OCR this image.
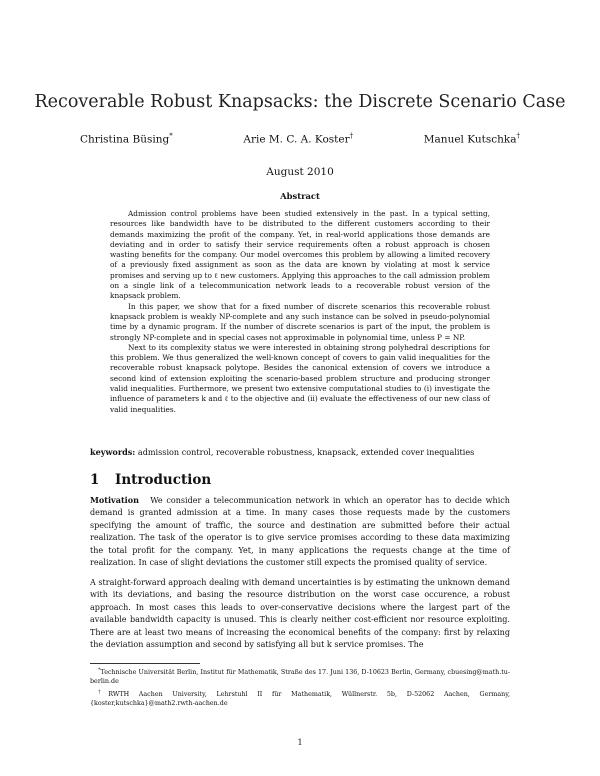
Recoverable Robust Knapsacks: the Discrete Scenario Case
Christina Büsing*	Arie M. C. A. Koster†	Manuel Kutschka†
August 2010
Abstract

Admission control problems have been studied extensively in the past. In a typical setting, resources like bandwidth have to be distributed to the different customers according to their demands maximizing the profit of the company. Yet, in real-world applications those demands are deviating and in order to satisfy their service requirements often a robust approach is chosen wasting benefits for the company. Our model overcomes this problem by allowing a limited recovery of a previously fixed assignment as soon as the data are known by violating at most k service promises and serving up to ℓ new customers. Applying this approaches to the call admission problem on a single link of a telecommunication network leads to a recoverable robust version of the knapsack problem.

In this paper, we show that for a fixed number of discrete scenarios this recoverable robust knapsack problem is weakly NP-complete and any such instance can be solved in pseudo-polynomial time by a dynamic program. If the number of discrete scenarios is part of the input, the problem is strongly NP-complete and in special cases not approximable in polynomial time, unless P = NP.

Next to its complexity status we were interested in obtaining strong polyhedral descriptions for this problem. We thus generalized the well-known concept of covers to gain valid inequalities for the recoverable robust knapsack polytope. Besides the canonical extension of covers we introduce a second kind of extension exploiting the scenario-based problem structure and producing stronger valid inequalities. Furthermore, we present two extensive computational studies to (i) investigate the influence of parameters k and ℓ to the objective and (ii) evaluate the effectiveness of our new class of valid inequalities.

keywords: admission control, recoverable robustness, knapsack, extended cover inequalities
1 Introduction

Motivation We consider a telecommunication network in which an operator has to decide which demand is granted admission at a time. In many cases those requests made by the customers specifying the amount of traffic, the source and destination are submitted before their actual realization. The task of the operator is to give service promises according to these data maximizing the total profit for the company. Yet, in many applications the requests change at the time of realization. In case of slight deviations the customer still expects the promised quality of service.

A straight-forward approach dealing with demand uncertainties is by estimating the unknown demand with its deviations, and basing the resource distribution on the worst case occurence, a robust approach. In most cases this leads to over-conservative decisions where the largest part of the available bandwidth capacity is unused. This is clearly neither cost-efficient nor resource exploiting. There are at least two means of increasing the economical benefits of the company: first by relaxing the deviation assumption and second by satisfying all but k service promises. The

*Technische Universität Berlin, Institut für Mathematik, Straße des 17. Juni 136, D-10623 Berlin, Germany, cbuesing@math.tu-berlin.de

†RWTH Aachen University, Lehrstuhl II für Mathematik, Wüllnerstr. 5b, D-52062 Aachen, Germany, {koster,kutschka}@math2.rwth-aachen.de

1
